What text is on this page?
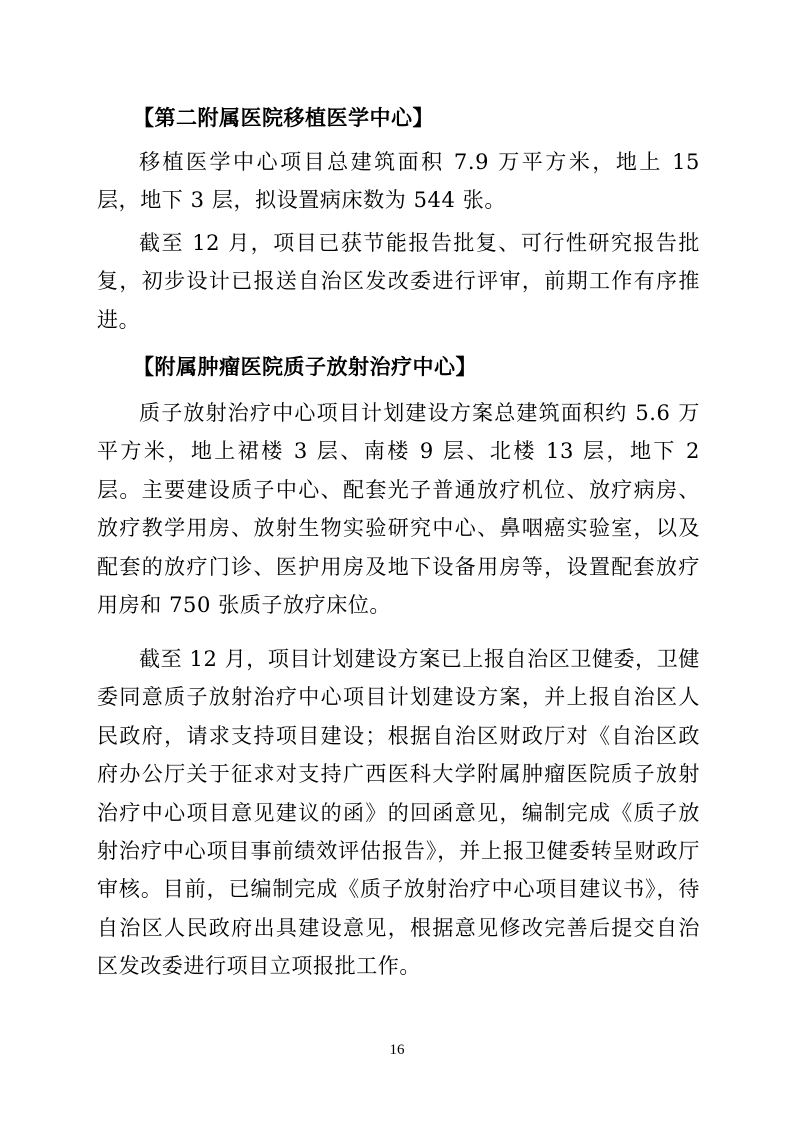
【第二附属医院移植医学中心】

移植医学中心项目总建筑面积 7.9 万平方米，地上 15 层，地下 3 层，拟设置病床数为 544 张。

截至 12 月，项目已获节能报告批复、可行性研究报告批复，初步设计已报送自治区发改委进行评审，前期工作有序推进。

【附属肿瘤医院质子放射治疗中心】

质子放射治疗中心项目计划建设方案总建筑面积约 5.6 万平方米，地上裙楼 3 层、南楼 9 层、北楼 13 层，地下 2 层。主要建设质子中心、配套光子普通放疗机位、放疗病房、放疗教学用房、放射生物实验研究中心、鼻咽癌实验室，以及配套的放疗门诊、医护用房及地下设备用房等，设置配套放疗用房和 750 张质子放疗床位。

截至 12 月，项目计划建设方案已上报自治区卫健委，卫健委同意质子放射治疗中心项目计划建设方案，并上报自治区人民政府，请求支持项目建设；根据自治区财政厅对《自治区政府办公厅关于征求对支持广西医科大学附属肿瘤医院质子放射治疗中心项目意见建议的函》的回函意见，编制完成《质子放射治疗中心项目事前绩效评估报告》，并上报卫健委转呈财政厅审核。目前，已编制完成《质子放射治疗中心项目建议书》，待自治区人民政府出具建设意见，根据意见修改完善后提交自治区发改委进行项目立项报批工作。

16
